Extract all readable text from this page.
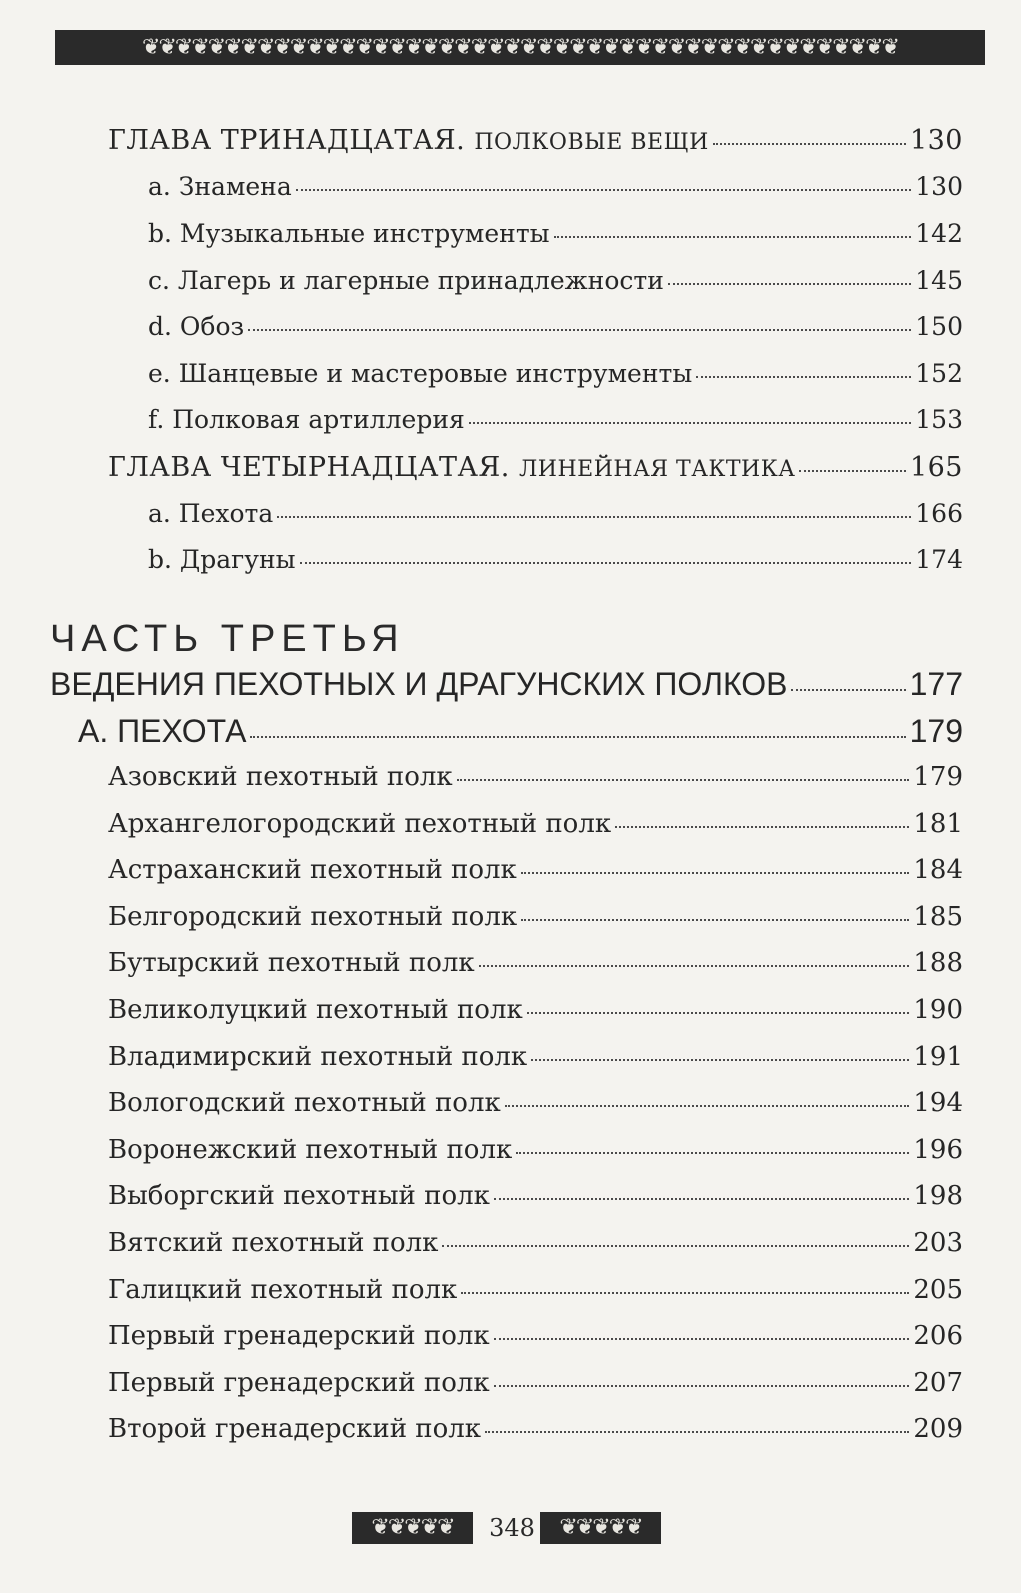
❦❦❦❦❦❦❦❦❦❦❦❦❦❦❦❦❦❦❦❦❦❦❦❦❦❦❦❦❦❦❦❦❦❦❦❦❦❦❦❦❦❦❦❦❦❦
ГЛАВА ТРИНАДЦАТАЯ. ПОЛКОВЫЕ ВЕЩИ	130
a. Знамена	130
b. Музыкальные инструменты	142
c. Лагерь и лагерные принадлежности	145
d. Обоз	150
e. Шанцевые и мастеровые инструменты	152
f. Полковая артиллерия	153
ГЛАВА ЧЕТЫРНАДЦАТАЯ. ЛИНЕЙНАЯ ТАКТИКА	165
a. Пехота	166
b. Драгуны	174
ЧАСТЬ ТРЕТЬЯ
ВЕДЕНИЯ ПЕХОТНЫХ И ДРАГУНСКИХ ПОЛКОВ	177
А. ПЕХОТА	179
Азовский пехотный полк	179
Архангелогородский пехотный полк	181
Астраханский пехотный полк	184
Белгородский пехотный полк	185
Бутырский пехотный полк	188
Великолуцкий пехотный полк	190
Владимирский пехотный полк	191
Вологодский пехотный полк	194
Воронежский пехотный полк	196
Выборгский пехотный полк	198
Вятский пехотный полк	203
Галицкий пехотный полк	205
Первый гренадерский полк	206
Первый гренадерский полк	207
Второй гренадерский полк	209
❦❦❦❦❦	348	❦❦❦❦❦
